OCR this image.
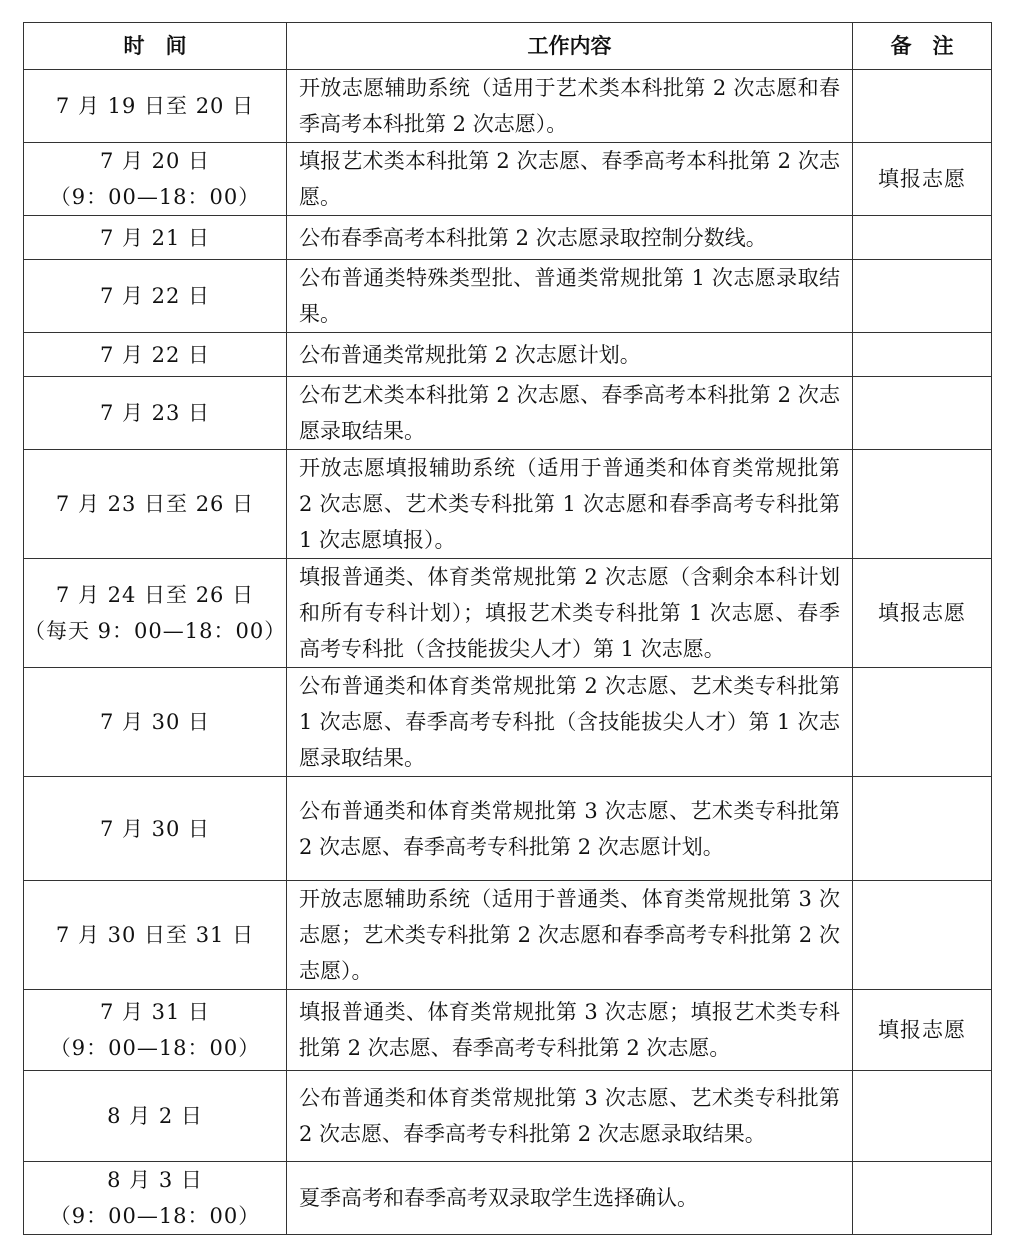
时　间	工作内容	备　注
7 月 19 日至 20 日	开放志愿辅助系统（适用于艺术类本科批第 2 次志愿和春季高考本科批第 2 次志愿）。	
7 月 20 日
（9：00—18：00）	填报艺术类本科批第 2 次志愿、春季高考本科批第 2 次志愿。	填报志愿
7 月 21 日	公布春季高考本科批第 2 次志愿录取控制分数线。	
7 月 22 日	公布普通类特殊类型批、普通类常规批第 1 次志愿录取结果。	
7 月 22 日	公布普通类常规批第 2 次志愿计划。	
7 月 23 日	公布艺术类本科批第 2 次志愿、春季高考本科批第 2 次志愿录取结果。	
7 月 23 日至 26 日	开放志愿填报辅助系统（适用于普通类和体育类常规批第 2 次志愿、艺术类专科批第 1 次志愿和春季高考专科批第 1 次志愿填报）。	
7 月 24 日至 26 日
（每天 9：00—18：00）	填报普通类、体育类常规批第 2 次志愿（含剩余本科计划和所有专科计划）；填报艺术类专科批第 1 次志愿、春季高考专科批（含技能拔尖人才）第 1 次志愿。	填报志愿
7 月 30 日	公布普通类和体育类常规批第 2 次志愿、艺术类专科批第 1 次志愿、春季高考专科批（含技能拔尖人才）第 1 次志愿录取结果。	
7 月 30 日	公布普通类和体育类常规批第 3 次志愿、艺术类专科批第 2 次志愿、春季高考专科批第 2 次志愿计划。	
7 月 30 日至 31 日	开放志愿辅助系统（适用于普通类、体育类常规批第 3 次志愿；艺术类专科批第 2 次志愿和春季高考专科批第 2 次志愿）。	
7 月 31 日
（9：00—18：00）	填报普通类、体育类常规批第 3 次志愿；填报艺术类专科批第 2 次志愿、春季高考专科批第 2 次志愿。	填报志愿
8 月 2 日	公布普通类和体育类常规批第 3 次志愿、艺术类专科批第 2 次志愿、春季高考专科批第 2 次志愿录取结果。	
8 月 3 日
（9：00—18：00）	夏季高考和春季高考双录取学生选择确认。	
